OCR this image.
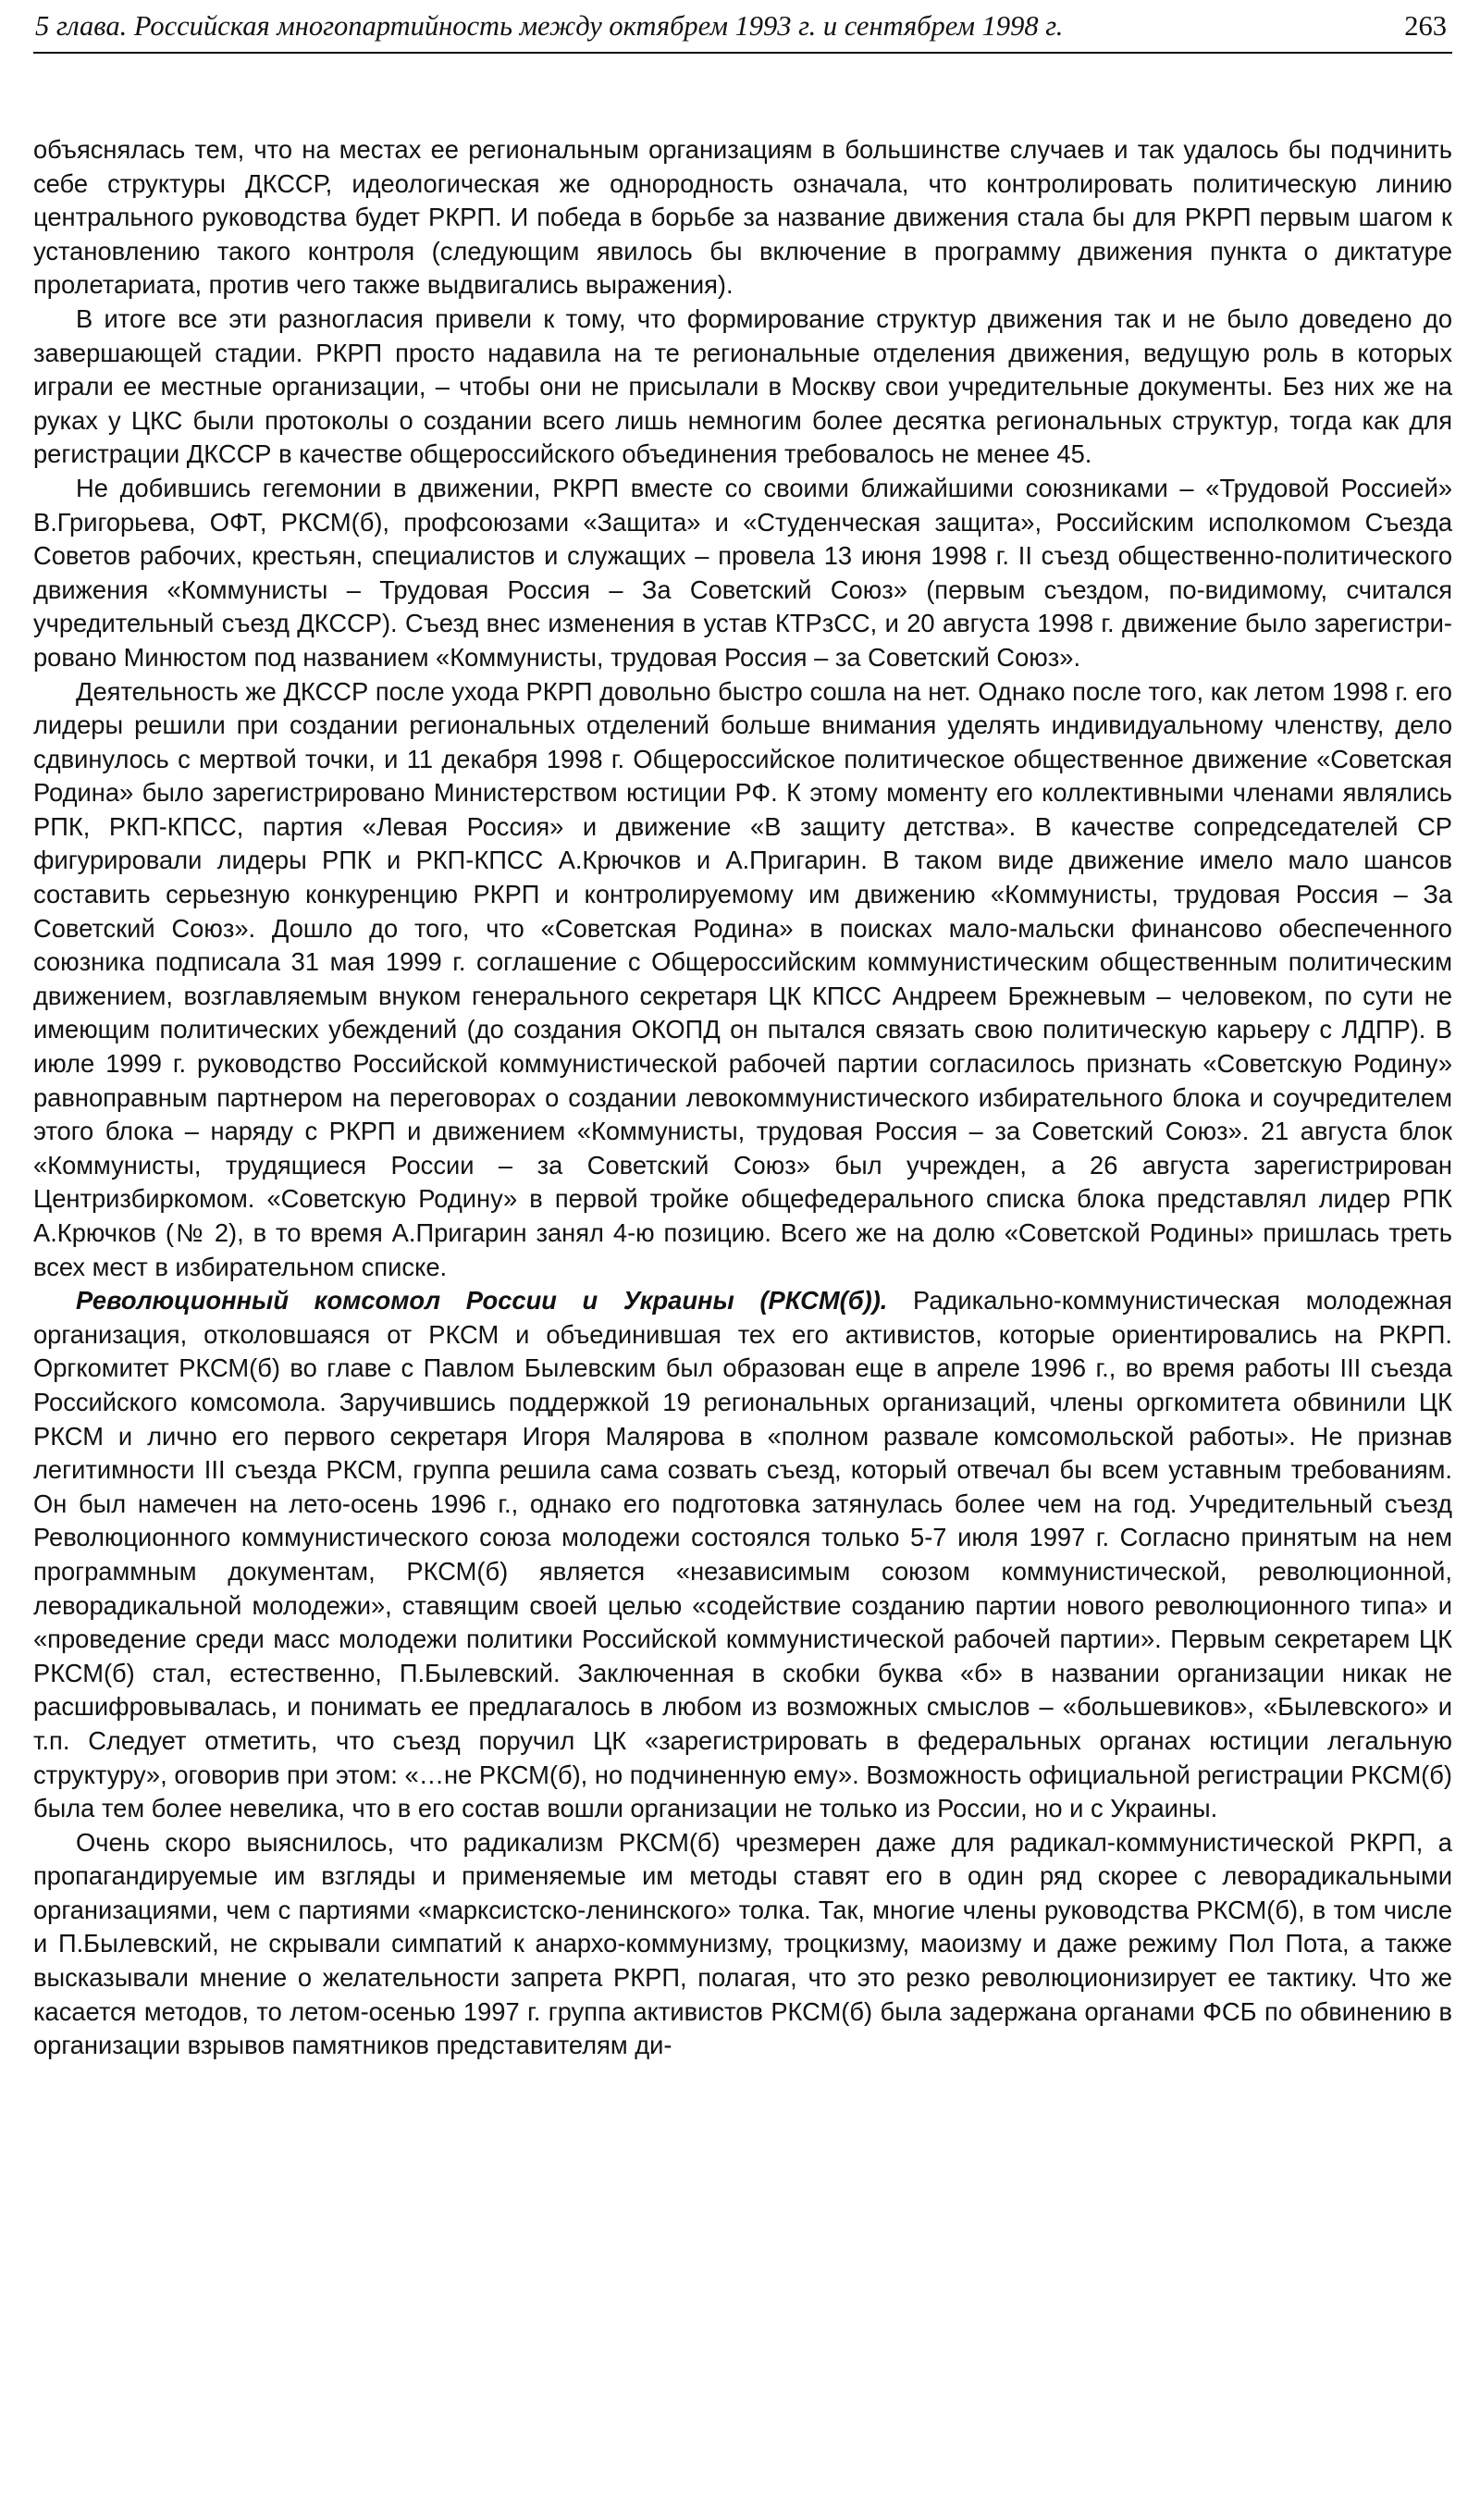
5 глава. Российская многопартийность между октябрем 1993 г. и сентябрем 1998 г.	263

объяснялась тем, что на местах ее региональным организациям в большинстве случаев и так удалось бы подчинить себе структуры ДКССР, идеологическая же однородность означала, что контролировать политическую линию центрального руководства будет РКРП. И победа в борьбе за название движения стала бы для РКРП первым шагом к установлению такого контроля (следующим явилось бы включение в программу движения пункта о диктатуре пролетариата, против чего также выдвигались выражения).

В итоге все эти разногласия привели к тому, что формирование структур движения так и не было доведено до завершающей стадии. РКРП просто надавила на те региональные отделения движения, ведущую роль в которых играли ее местные организации, – чтобы они не присылали в Москву свои учредительные документы. Без них же на руках у ЦКС были протоколы о создании всего лишь немногим более десятка региональных структур, тогда как для регистрации ДКССР в качестве общероссийского объединения требовалось не менее 45.

Не добившись гегемонии в движении, РКРП вместе со своими ближайшими союзниками – «Трудовой Россией» В.Григорьева, ОФТ, РКСМ(б), профсоюзами «Защита» и «Студенческая защита», Российским исполкомом Съезда Советов рабочих, крестьян, специалистов и служащих – провела 13 июня 1998 г. II съезд общественно-политического движения «Коммунисты – Трудовая Россия – За Советский Союз» (первым съездом, по-видимому, считался учредительный съезд ДКССР). Съезд внес изменения в устав КТРзСС, и 20 августа 1998 г. движение было зарегистрировано Минюстом под названием «Коммунисты, трудовая Россия – за Советский Союз».

Деятельность же ДКССР после ухода РКРП довольно быстро сошла на нет. Однако после того, как летом 1998 г. его лидеры решили при создании региональных отделений больше внимания уделять индивидуальному членству, дело сдвинулось с мертвой точки, и 11 декабря 1998 г. Общероссийское политическое общественное движение «Советская Родина» было зарегистрировано Министерством юстиции РФ. К этому моменту его коллективными членами являлись РПК, РКП-КПСС, партия «Левая Россия» и движение «В защиту детства». В качестве сопредседателей СР фигурировали лидеры РПК и РКП-КПСС А.Крючков и А.Пригарин. В таком виде движение имело мало шансов составить серьезную конкуренцию РКРП и контролируемому им движению «Коммунисты, трудовая Россия – За Советский Союз». Дошло до того, что «Советская Родина» в поисках мало-мальски финансово обеспеченного союзника подписала 31 мая 1999 г. соглашение с Общероссийским коммунистическим общественным политическим движением, возглавляемым внуком генерального секретаря ЦК КПСС Андреем Брежневым – человеком, по сути не имеющим политических убеждений (до создания ОКОПД он пытался связать свою политическую карьеру с ЛДПР). В июле 1999 г. руководство Российской коммунистической рабочей партии согласилось признать «Советскую Родину» равноправным партнером на переговорах о создании левокоммунистического избирательного блока и соучредителем этого блока – наряду с РКРП и движением «Коммунисты, трудовая Россия – за Советский Союз». 21 августа блок «Коммунисты, трудящиеся России – за Советский Союз» был учрежден, а 26 августа зарегистрирован Центризбиркомом. «Советскую Родину» в первой тройке общефедерального списка блока представлял лидер РПК А.Крючков (№ 2), в то время А.Пригарин занял 4-ю позицию. Всего же на долю «Советской Родины» пришлась треть всех мест в избирательном списке.

Революционный комсомол России и Украины (РКСМ(б)). Радикально-коммунистическая молодежная организация, отколовшаяся от РКСМ и объединившая тех его активистов, которые ориентировались на РКРП. Оргкомитет РКСМ(б) во главе с Павлом Былевским был образован еще в апреле 1996 г., во время работы III съезда Российского комсомола. Заручившись поддержкой 19 региональных организаций, члены оргкомитета обвинили ЦК РКСМ и лично его первого секретаря Игоря Малярова в «полном развале комсомольской работы». Не признав легитимности III съезда РКСМ, группа решила сама созвать съезд, который отвечал бы всем уставным требованиям. Он был намечен на лето-осень 1996 г., однако его подготовка затянулась более чем на год. Учредительный съезд Революционного коммунистического союза молодежи состоялся только 5-7 июля 1997 г. Согласно принятым на нем программным документам, РКСМ(б) является «независимым союзом коммунистической, революционной, леворадикальной молодежи», ставящим своей целью «содействие созданию партии нового революционного типа» и «проведение среди масс молодежи политики Российской коммунистической рабочей партии». Первым секретарем ЦК РКСМ(б) стал, естественно, П.Былевский. Заключенная в скобки буква «б» в названии организации никак не расшифровывалась, и понимать ее предлагалось в любом из возможных смыслов – «большевиков», «Былевского» и т.п. Следует отметить, что съезд поручил ЦК «зарегистрировать в федеральных органах юстиции легальную структуру», оговорив при этом: «…не РКСМ(б), но подчиненную ему». Возможность официальной регистрации РКСМ(б) была тем более невелика, что в его состав вошли организации не только из России, но и с Украины.

Очень скоро выяснилось, что радикализм РКСМ(б) чрезмерен даже для радикал-коммунистической РКРП, а пропагандируемые им взгляды и применяемые им методы ставят его в один ряд скорее с леворадикальными организациями, чем с партиями «марксистско-ленинского» толка. Так, многие члены руководства РКСМ(б), в том числе и П.Былевский, не скрывали симпатий к анархо-коммунизму, троцкизму, маоизму и даже режиму Пол Пота, а также высказывали мнение о желательности запрета РКРП, полагая, что это резко революционизирует ее тактику. Что же касается методов, то летом-осенью 1997 г. группа активистов РКСМ(б) была задержана органами ФСБ по обвинению в организации взрывов памятников представителям ди-
